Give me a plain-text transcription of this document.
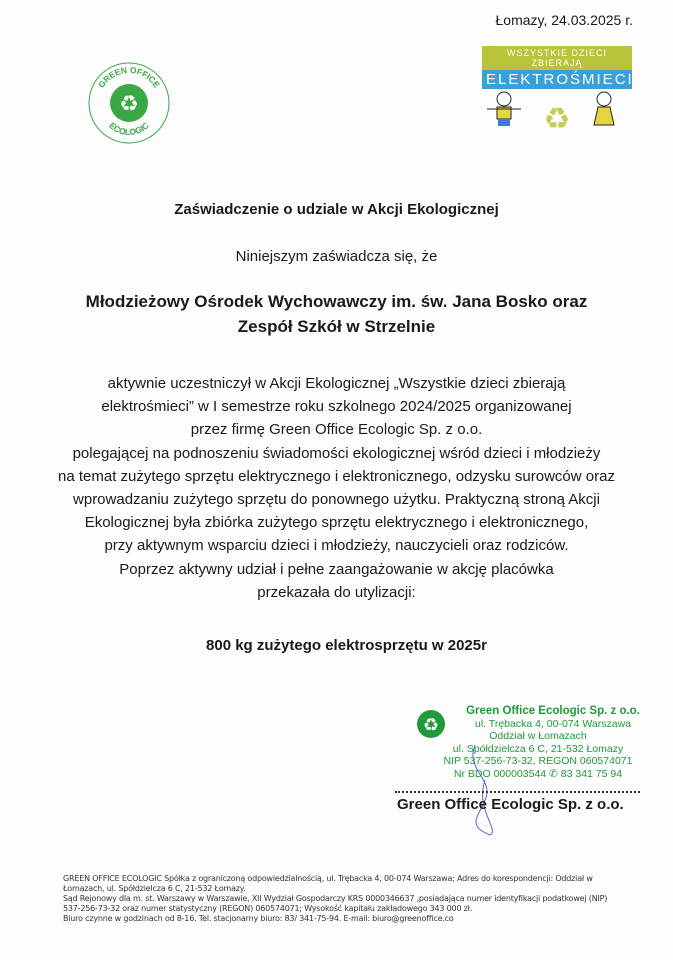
Łomazy, 24.03.2025 r.
GREEN OFFICE
ECOLOGIC
♻
WSZYSTKIE DZIECI ZBIERAJĄ
ELEKTROŚMIECI
♻
Zaświadczenie o udziale w Akcji Ekologicznej
Niniejszym zaświadcza się, że
Młodzieżowy Ośrodek Wychowawczy im. św. Jana Bosko oraz
Zespół Szkół w Strzelnie
aktywnie uczestniczył w Akcji Ekologicznej „Wszystkie dzieci zbierają
elektrośmieci” w I semestrze roku szkolnego 2024/2025 organizowanej
przez firmę Green Office Ecologic Sp. z o.o.
polegającej na podnoszeniu świadomości ekologicznej wśród dzieci i młodzieży
na temat zużytego sprzętu elektrycznego i elektronicznego, odzysku surowców oraz
wprowadzaniu zużytego sprzętu do ponownego użytku. Praktyczną stroną Akcji
Ekologicznej była zbiórka zużytego sprzętu elektrycznego i elektronicznego,
przy aktywnym wsparciu dzieci i młodzieży, nauczycieli oraz rodziców.
Poprzez aktywny udział i pełne zaangażowanie w akcję placówka
przekazała do utylizacji:
800 kg zużytego elektrosprzętu w 2025r
♻
Green Office Ecologic Sp. z o.o.
ul. Trębacka 4, 00-074 Warszawa
Oddział w Łomazach
ul. Spółdzielcza 6 C, 21-532 Łomazy
NIP 537-256-73-32, REGON 060574071
Nr BDO 000003544 ✆ 83 341 75 94
Green Office Ecologic Sp. z o.o.
GREEN OFFICE ECOLOGIC Spółka z ograniczoną odpowiedzialnością, ul. Trębacka 4, 00-074 Warszawa; Adres do korespondencji: Oddział w
Łomazach, ul. Spółdzielcza 6 C, 21-532 Łomazy.
Sąd Rejonowy dla m. st. Warszawy w Warszawie, XII Wydział Gospodarczy KRS 0000346637 ,posiadająca numer identyfikacji podatkowej (NIP)
537-256-73-32 oraz numer statystyczny (REGON) 060574071; Wysokość kapitału zakładowego 343 000 zł.
Biuro czynne w godzinach od 8-16. Tel. stacjonarny biuro: 83/ 341-75-94. E-mail: biuro@greenoffice.co
